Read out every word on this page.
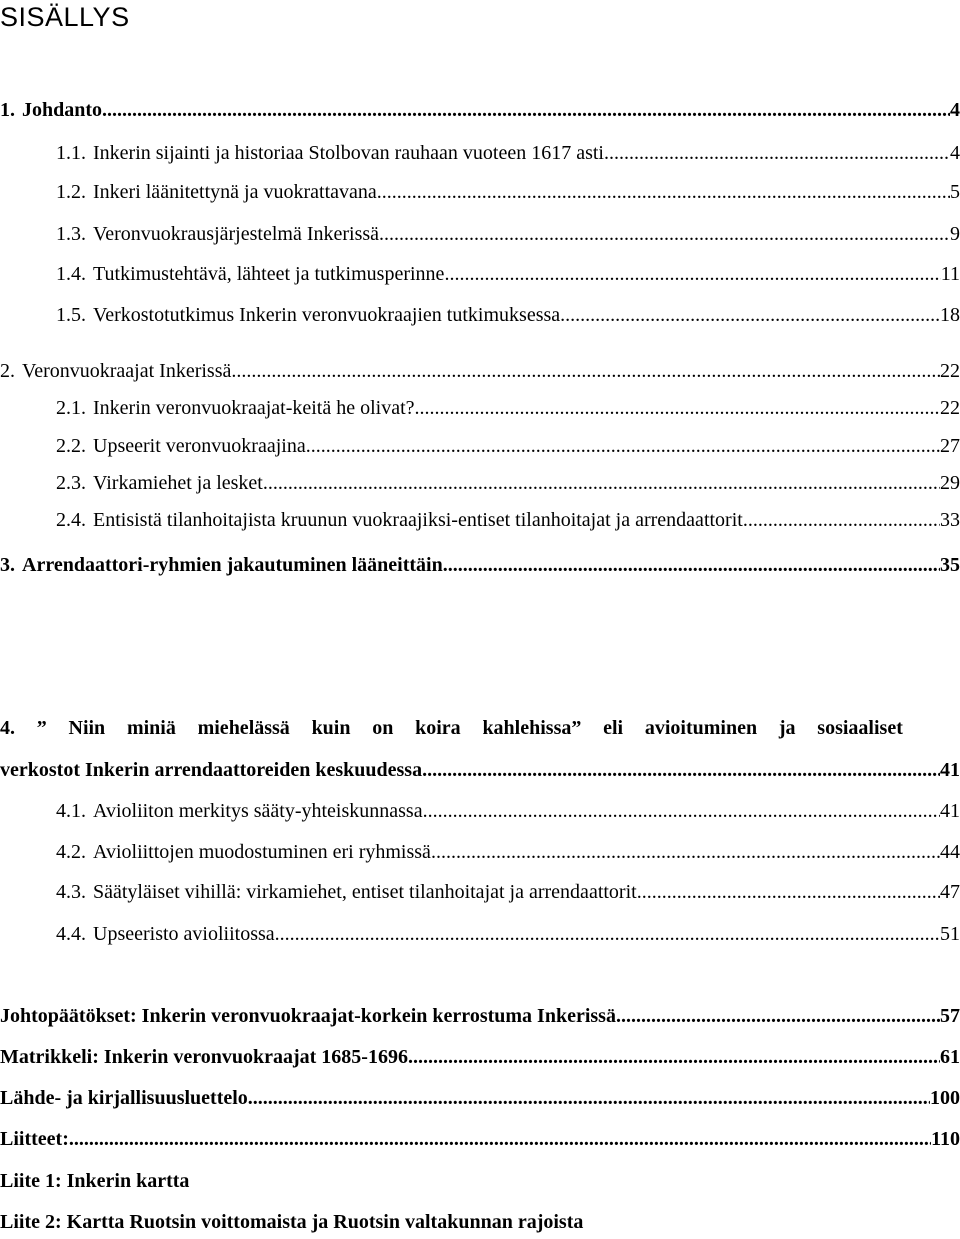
SISÄLLYS
1. Johdanto .....	4
1.1. Inkerin sijainti ja historiaa Stolbovan rauhaan vuoteen 1617 asti .....	4
1.2. Inkeri läänitettynä ja vuokrattavana .....	5
1.3. Veronvuokrausjärjestelmä Inkerissä .....	9
1.4. Tutkimustehtävä, lähteet ja tutkimusperinne .....	11
1.5. Verkostotutkimus Inkerin veronvuokraajien tutkimuksessa .....	18
2. Veronvuokraajat Inkerissä .....	22
2.1. Inkerin veronvuokraajat-keitä he olivat? .....	22
2.2. Upseerit veronvuokraajina .....	27
2.3. Virkamiehet ja lesket .....	29
2.4. Entisistä tilanhoitajista kruunun vuokraajiksi-entiset tilanhoitajat ja arrendaattorit .....	33
3. Arrendaattori-ryhmien jakautuminen lääneittäin .....	35
4. ” Niin miniä miehelässä kuin on koira kahlehissa” eli avioituminen ja sosiaaliset
verkostot Inkerin arrendaattoreiden keskuudessa .....	41
4.1. Avioliiton merkitys sääty-yhteiskunnassa .....	41
4.2. Avioliittojen muodostuminen eri ryhmissä .....	44
4.3. Säätyläiset vihillä: virkamiehet, entiset tilanhoitajat ja arrendaattorit .....	47
4.4. Upseeristo avioliitossa .....	51
Johtopäätökset: Inkerin veronvuokraajat-korkein kerrostuma Inkerissä .....	57
Matrikkeli: Inkerin veronvuokraajat 1685-1696 .....	61
Lähde- ja kirjallisuusluettelo .....	100
Liitteet: .....	110
Liite 1: Inkerin kartta
Liite 2: Kartta Ruotsin voittomaista ja Ruotsin valtakunnan rajoista
